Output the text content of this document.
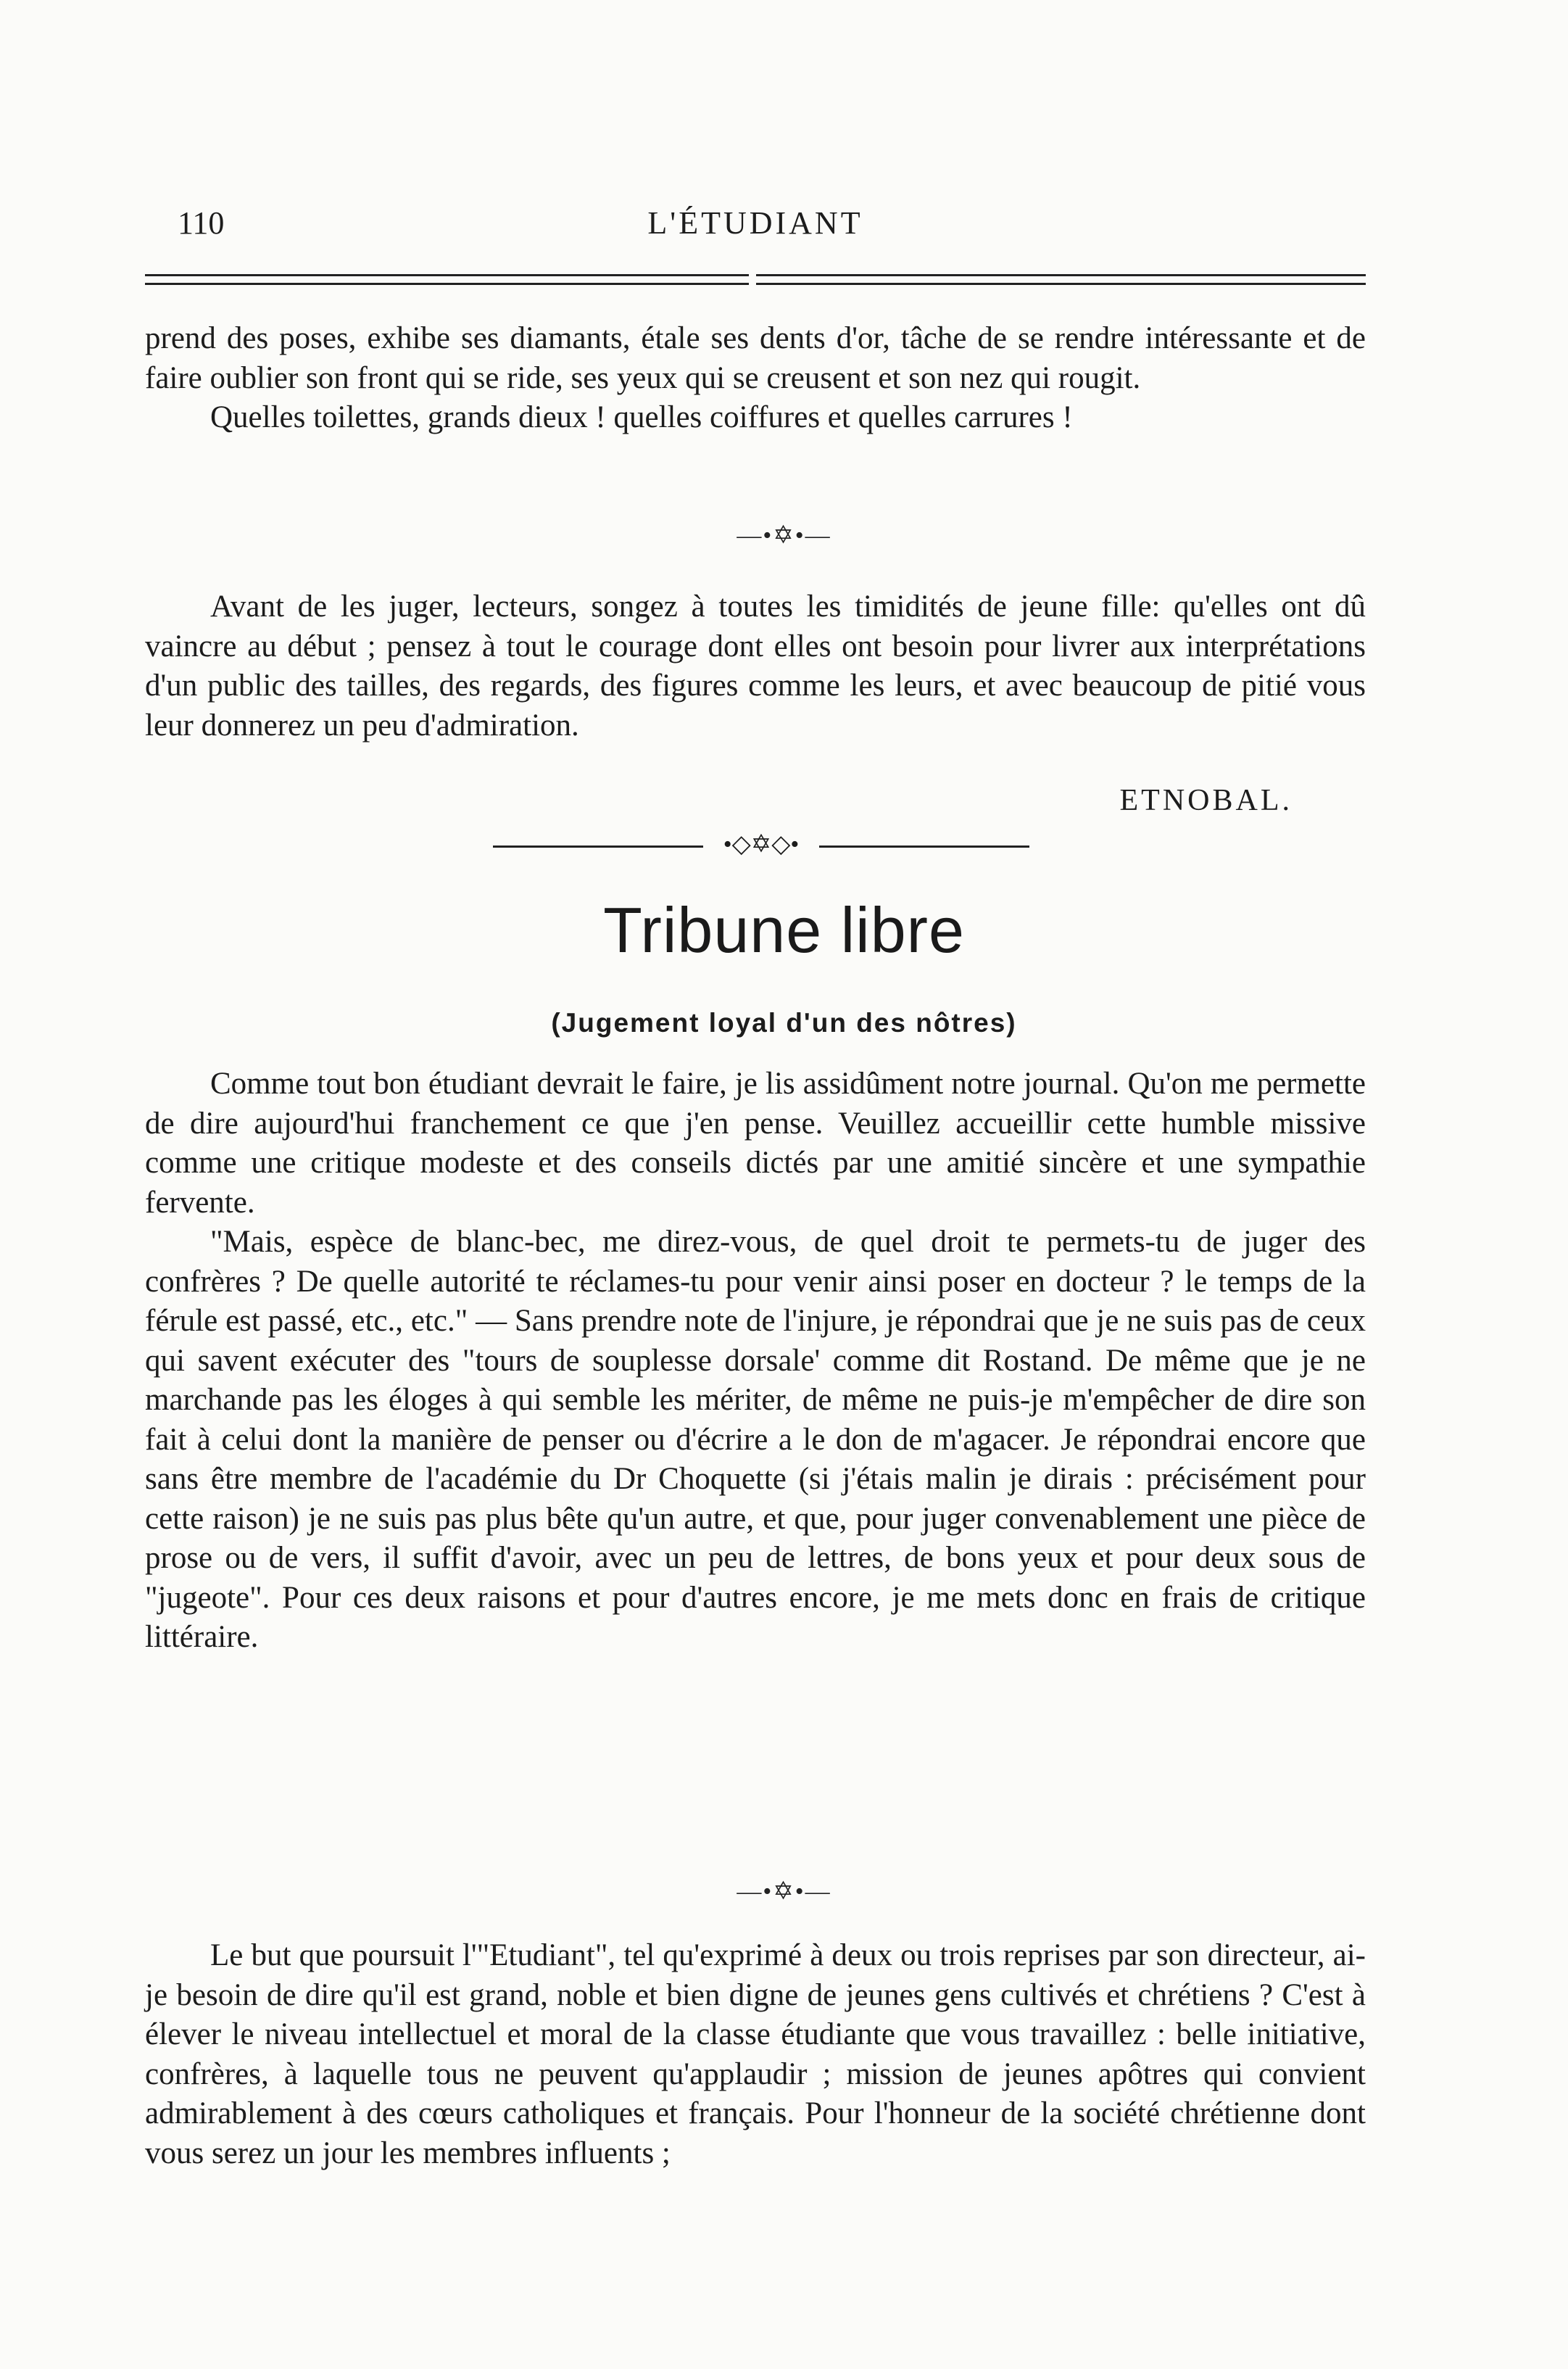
110	L'ÉTUDIANT

prend des poses, exhibe ses diamants, étale ses dents d'or, tâche de se rendre intéressante et de faire oublier son front qui se ride, ses yeux qui se creusent et son nez qui rougit.

Quelles toilettes, grands dieux ! quelles coiffures et quelles carrures !

—•✡•—

Avant de les juger, lecteurs, songez à toutes les timidités de jeune fille: qu'elles ont dû vaincre au début ; pensez à tout le courage dont elles ont besoin pour livrer aux interprétations d'un public des tailles, des regards, des figures comme les leurs, et avec beaucoup de pitié vous leur donnerez un peu d'admiration.

ETNOBAL.
•◇✡◇•
Tribune libre
(Jugement loyal d'un des nôtres)

Comme tout bon étudiant devrait le faire, je lis assidûment notre journal. Qu'on me permette de dire aujourd'hui franchement ce que j'en pense. Veuillez accueillir cette humble missive comme une critique modeste et des conseils dictés par une amitié sincère et une sympathie fervente.

"Mais, espèce de blanc-bec, me direz-vous, de quel droit te permets-tu de juger des confrères ? De quelle autorité te réclames-tu pour venir ainsi poser en docteur ? le temps de la férule est passé, etc., etc." — Sans prendre note de l'injure, je répondrai que je ne suis pas de ceux qui savent exécuter des "tours de souplesse dorsale' comme dit Rostand. De même que je ne marchande pas les éloges à qui semble les mériter, de même ne puis-je m'empêcher de dire son fait à celui dont la manière de penser ou d'écrire a le don de m'agacer. Je répondrai encore que sans être membre de l'académie du Dr Choquette (si j'étais malin je dirais : précisément pour cette raison) je ne suis pas plus bête qu'un autre, et que, pour juger convenablement une pièce de prose ou de vers, il suffit d'avoir, avec un peu de lettres, de bons yeux et pour deux sous de "jugeote". Pour ces deux raisons et pour d'autres encore, je me mets donc en frais de critique littéraire.

—•✡•—

Le but que poursuit l'"Etudiant", tel qu'exprimé à deux ou trois reprises par son directeur, ai-je besoin de dire qu'il est grand, noble et bien digne de jeunes gens cultivés et chrétiens ? C'est à élever le niveau intellectuel et moral de la classe étudiante que vous travaillez : belle initiative, confrères, à laquelle tous ne peuvent qu'applaudir ; mission de jeunes apôtres qui convient admirablement à des cœurs catholiques et français. Pour l'honneur de la société chrétienne dont vous serez un jour les membres influents ;
